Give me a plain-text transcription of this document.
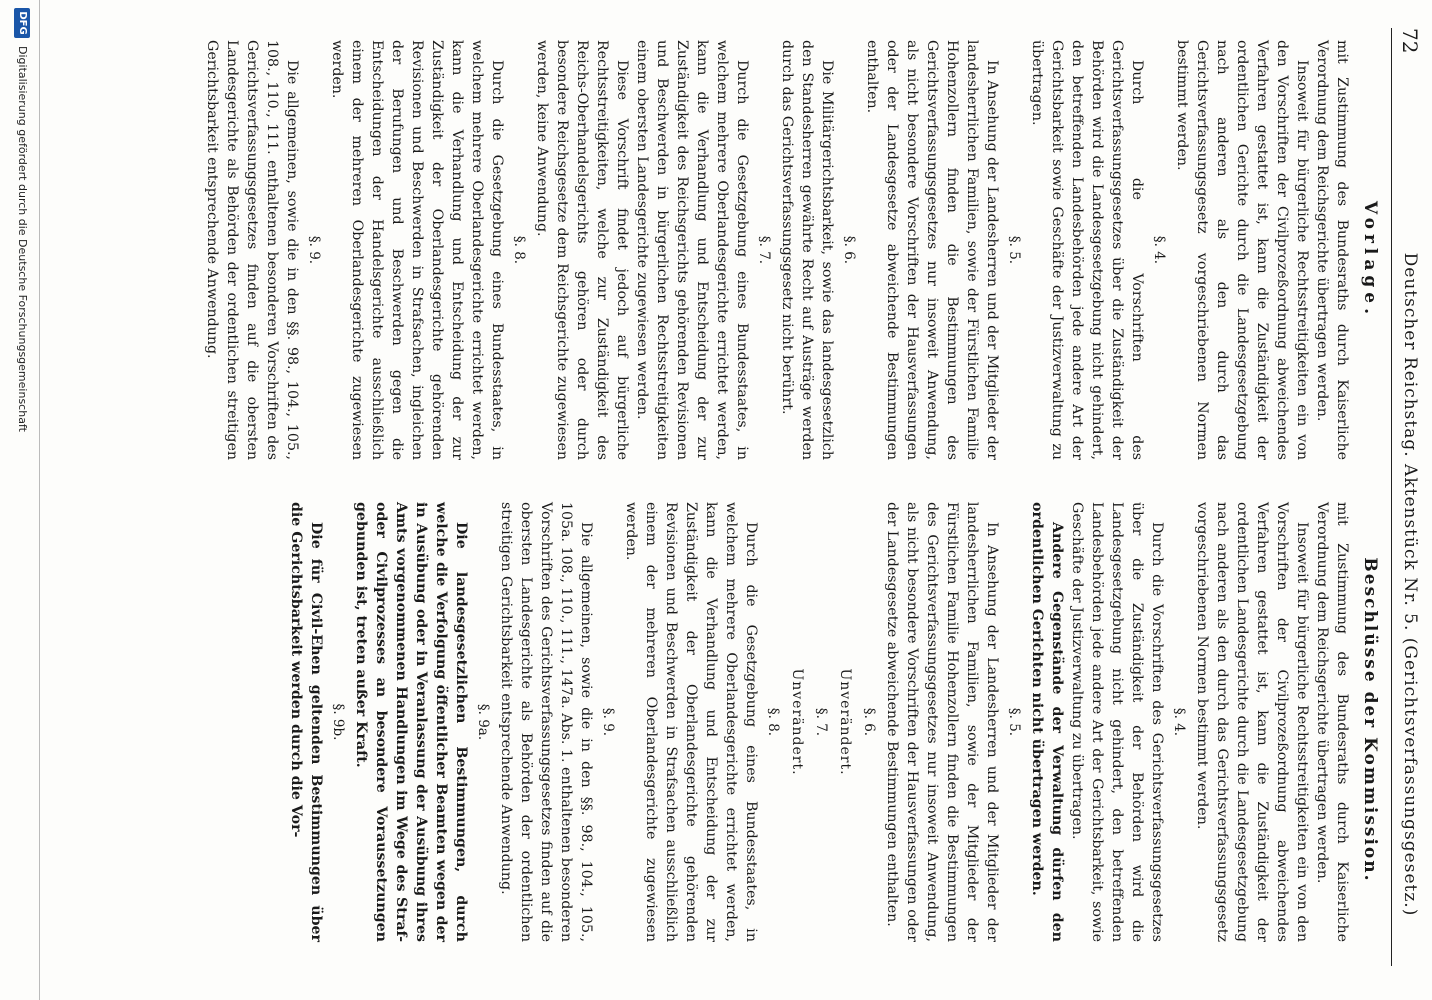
72
Deutscher Reichstag. Aktenstück Nr. 5. (Gerichtsverfassungsgesetz.)
Vorlage.
Beschlüsse der Kommission.

mit Zustimmung des Bundesraths durch Kaiserliche Verordnung dem Reichsgerichte übertragen werden.

Insoweit für bürgerliche Rechtsstreitigkeiten ein von den Vorschriften der Civilprozeßordnung abweichendes Verfahren gestattet ist, kann die Zuständigkeit der ordentlichen Gerichte durch die Landesgesetzgebung nach anderen als den durch das Gerichtsverfassungsgesetz vorgeschriebenen Normen bestimmt werden.

§. 4.

Durch die Vorschriften des Gerichtsverfassungsgesetzes über die Zuständigkeit der Behörden wird die Landesgesetzgebung nicht gehindert, den betreffenden Landesbehörden jede andere Art der Gerichtsbarkeit sowie Geschäfte der Justizverwaltung zu übertragen.

§. 5.

In Ansehung der Landesherren und der Mitglieder der landesherrlichen Familien, sowie der Fürstlichen Familie Hohenzollern finden die Bestimmungen des Gerichtsverfassungsgesetzes nur insoweit Anwendung, als nicht besondere Vorschriften der Hausverfassungen oder der Landesgesetze abweichende Bestimmungen enthalten.

§. 6.

Die Militärgerichtsbarkeit, sowie das landesgesetzlich den Standesherren gewährte Recht auf Austräge werden durch das Gerichtsverfassungsgesetz nicht berührt.

§. 7.

Durch die Gesetzgebung eines Bundesstaates, in welchem mehrere Oberlandesgerichte errichtet werden, kann die Verhandlung und Entscheidung der zur Zuständigkeit des Reichsgerichts gehörenden Revisionen und Beschwerden in bürgerlichen Rechtsstreitigkeiten einem obersten Landesgerichte zugewiesen werden.

Diese Vorschrift findet jedoch auf bürgerliche Rechtsstreitigkeiten, welche zur Zuständigkeit des Reichs-Oberhandelsgerichts gehören oder durch besondere Reichsgesetze dem Reichsgerichte zugewiesen werden, keine Anwendung.

§. 8.

Durch die Gesetzgebung eines Bundesstaates, in welchem mehrere Oberlandesgerichte errichtet werden, kann die Verhandlung und Entscheidung der zur Zuständigkeit der Oberlandesgerichte gehörenden Revisionen und Beschwerden in Strafsachen, ingleichen der Berufungen und Beschwerden gegen die Entscheidungen der Handelsgerichte ausschließlich einem der mehreren Oberlandesgerichte zugewiesen werden.

§. 9.

Die allgemeinen, sowie die in den §§. 98., 104., 105., 108., 110., 111. enthaltenen besonderen Vorschriften des Gerichtsverfassungsgesetzes finden auf die obersten Landesgerichte als Behörden der ordentlichen streitigen Gerichtsbarkeit entsprechende Anwendung.

mit Zustimmung des Bundesraths durch Kaiserliche Verordnung dem Reichsgerichte übertragen werden.

Insoweit für bürgerliche Rechtsstreitigkeiten ein von den Vorschriften der Civilprozeßordnung abweichendes Verfahren gestattet ist, kann die Zuständigkeit der ordentlichen Landesgerichte durch die Landesgesetzgebung nach anderen als den durch das Gerichtsverfassungsgesetz vorgeschriebenen Normen bestimmt werden.

§. 4.

Durch die Vorschriften des Gerichtsverfassungsgesetzes über die Zuständigkeit der Behörden wird die Landesgesetzgebung nicht gehindert, den betreffenden Landesbehörden jede andere Art der Gerichtsbarkeit, sowie Geschäfte der Justizverwaltung zu übertragen.

Andere Gegenstände der Verwaltung dürfen den ordentlichen Gerichten nicht übertragen werden.

§. 5.

In Ansehung der Landesherren und der Mitglieder der landesherrlichen Familien, sowie der Mitglieder der Fürstlichen Familie Hohenzollern finden die Bestimmungen des Gerichtsverfassungsgesetzes nur insoweit Anwendung, als nicht besondere Vorschriften der Hausverfassungen oder der Landesgesetze abweichende Bestimmungen enthalten.

§. 6.
Unverändert.
§. 7.
Unverändert.
§. 8.

Durch die Gesetzgebung eines Bundesstaates, in welchem mehrere Oberlandesgerichte errichtet werden, kann die Verhandlung und Entscheidung der zur Zuständigkeit der Oberlandesgerichte gehörenden Revisionen und Beschwerden in Strafsachen ausschließlich einem der mehreren Oberlandesgerichte zugewiesen werden.

§. 9.

Die allgemeinen, sowie die in den §§. 98., 104., 105., 105a. 108., 110., 111., 147a. Abs. 1. enthaltenen besonderen Vorschriften des Gerichtsverfassungsgesetzes finden auf die obersten Landesgerichte als Behörden der ordentlichen streitigen Gerichtsbarkeit entsprechende Anwendung.

§. 9a.

Die landesgesetzlichen Bestimmungen, durch welche die Verfolgung öffentlicher Beamten wegen der in Ausübung oder in Veranlassung der Ausübung ihres Amts vorgenommenen Handlungen im Wege des Straf- oder Civilprozesses an besondere Voraussetzungen gebunden ist, treten außer Kraft.

§. 9b.

Die für Civil-Ehen geltenden Bestimmungen über die Gerichtsbarkeit werden durch die Vor-

DFG
Digitalisierung gefördert durch die Deutsche Forschungsgemeinschaft
